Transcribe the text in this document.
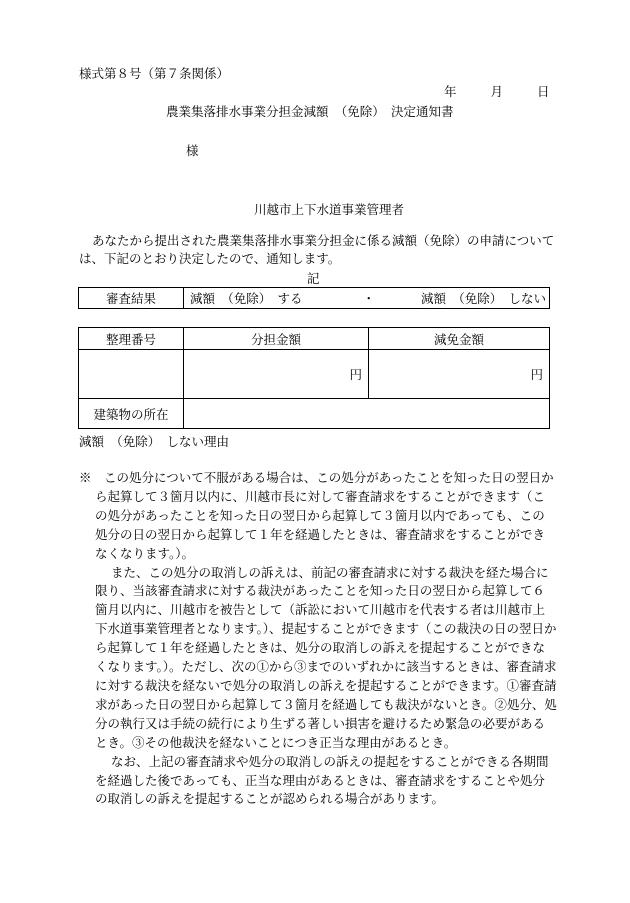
様式第８号（第７条関係）
年 月 日
農業集落排水事業分担金減額　（免除）　決定通知書
様
川越市上下水道事業管理者
あなたから提出された農業集落排水事業分担金に係る減額（免除）の申請については、下記のとおり決定したので、通知します。
記
審査結果	減額　（免除）　する	・	減額　（免除）　しない
整理番号	分担金額	減免金額
	円	円
建築物の所在		
減額　（免除）　しない理由

※　 この処分について不服がある場合は、この処分があったことを知った日の翌日から起算して３箇月以内に、川越市長に対して審査請求をすることができます（この処分があったことを知った日の翌日から起算して３箇月以内であっても、この処分の日の翌日から起算して１年を経過したときは、審査請求をすることができなくなります。）。

また、この処分の取消しの訴えは、前記の審査請求に対する裁決を経た場合に限り、当該審査請求に対する裁決があったことを知った日の翌日から起算して６箇月以内に、川越市を被告として（訴訟において川越市を代表する者は川越市上下水道事業管理者となります。）、提起することができます（この裁決の日の翌日から起算して１年を経過したときは、処分の取消しの訴えを提起することができなくなります。）。ただし、次の①から③までのいずれかに該当するときは、審査請求に対する裁決を経ないで処分の取消しの訴えを提起することができます。①審査請求があった日の翌日から起算して３箇月を経過しても裁決がないとき。②処分、処分の執行又は手続の続行により生ずる著しい損害を避けるため緊急の必要があるとき。③その他裁決を経ないことにつき正当な理由があるとき。

なお、上記の審査請求や処分の取消しの訴えの提起をすることができる各期間を経過した後であっても、正当な理由があるときは、審査請求をすることや処分の取消しの訴えを提起することが認められる場合があります。
